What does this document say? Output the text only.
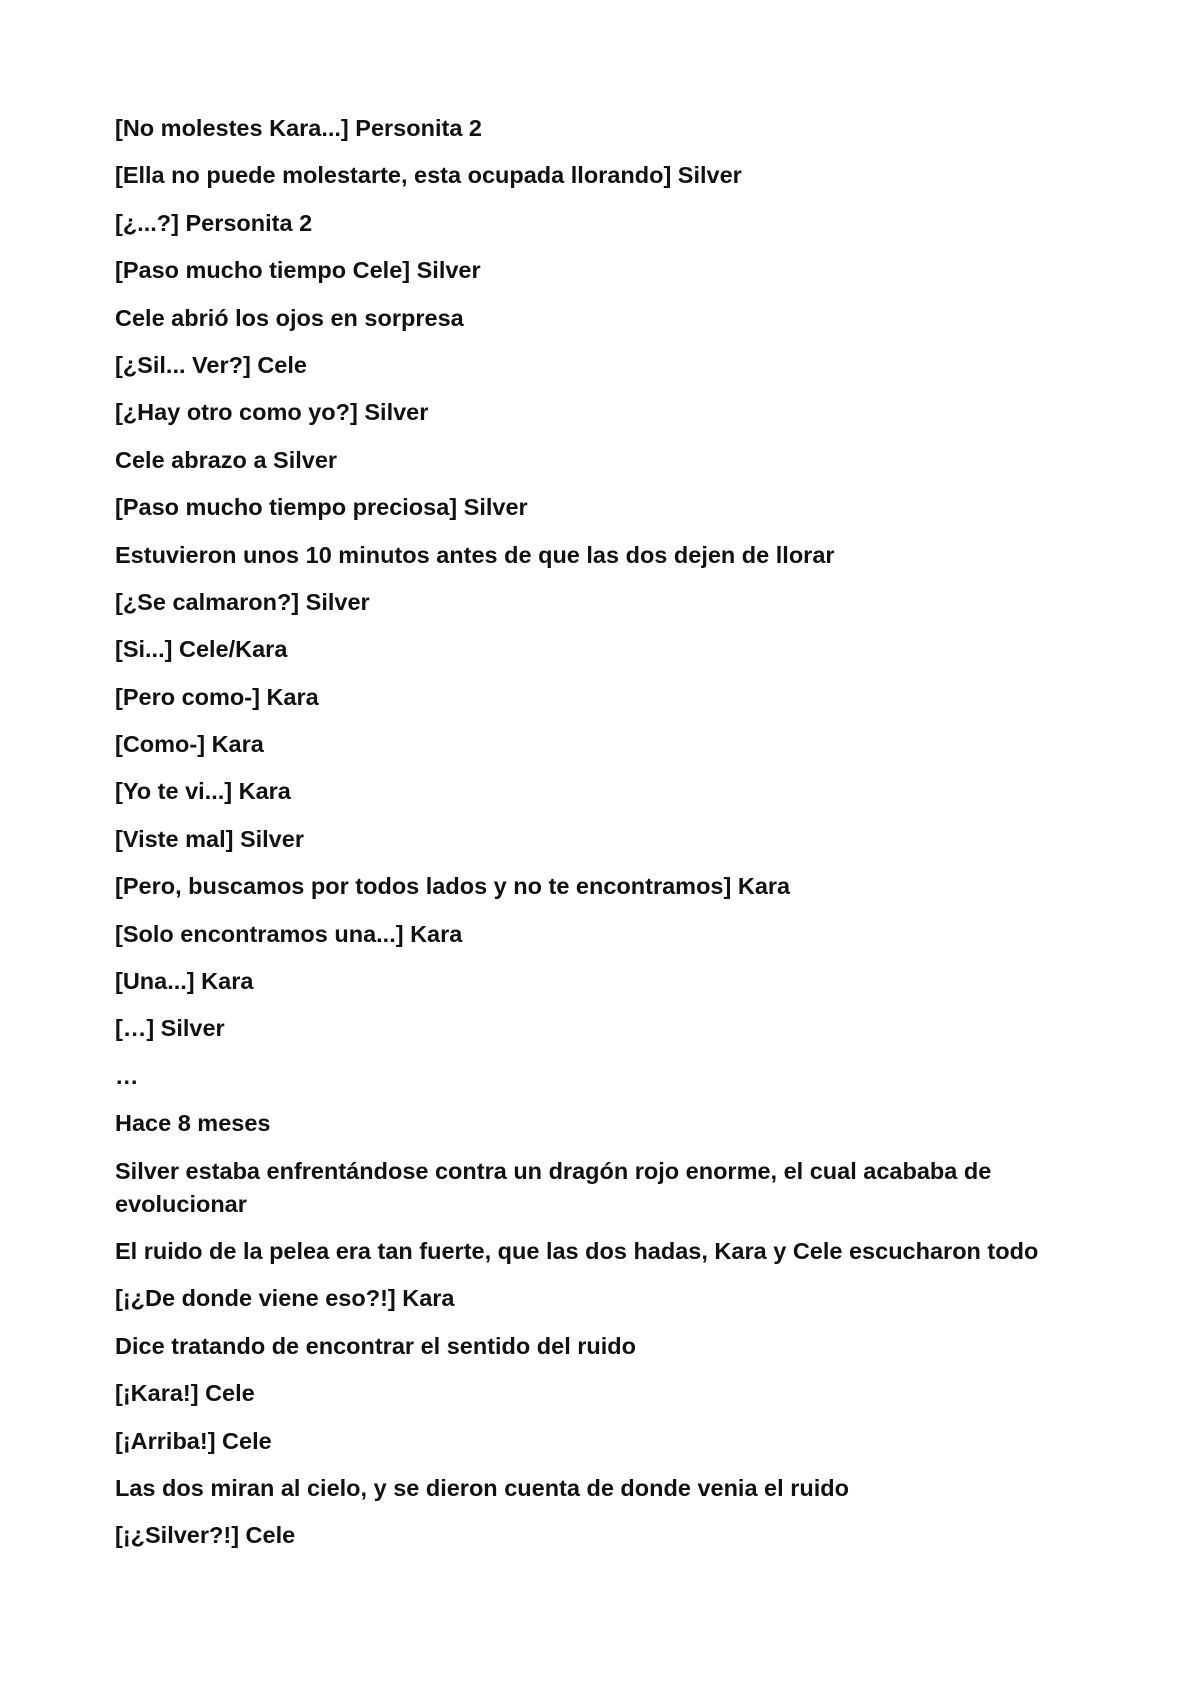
[No molestes Kara...] Personita 2

[Ella no puede molestarte, esta ocupada llorando] Silver

[¿...?] Personita 2

[Paso mucho tiempo Cele] Silver

Cele abrió los ojos en sorpresa

[¿Sil... Ver?] Cele

[¿Hay otro como yo?] Silver

Cele abrazo a Silver

[Paso mucho tiempo preciosa] Silver

Estuvieron unos 10 minutos antes de que las dos dejen de llorar

[¿Se calmaron?] Silver

[Si...] Cele/Kara

[Pero como-] Kara

[Como-] Kara

[Yo te vi...] Kara

[Viste mal] Silver

[Pero, buscamos por todos lados y no te encontramos] Kara

[Solo encontramos una...] Kara

[Una...] Kara

[…] Silver

…

Hace 8 meses

Silver estaba enfrentándose contra un dragón rojo enorme, el cual acababa de evolucionar

El ruido de la pelea era tan fuerte, que las dos hadas, Kara y Cele escucharon todo

[¡¿De donde viene eso?!] Kara

Dice tratando de encontrar el sentido del ruido

[¡Kara!] Cele

[¡Arriba!] Cele

Las dos miran al cielo, y se dieron cuenta de donde venia el ruido

[¡¿Silver?!] Cele
